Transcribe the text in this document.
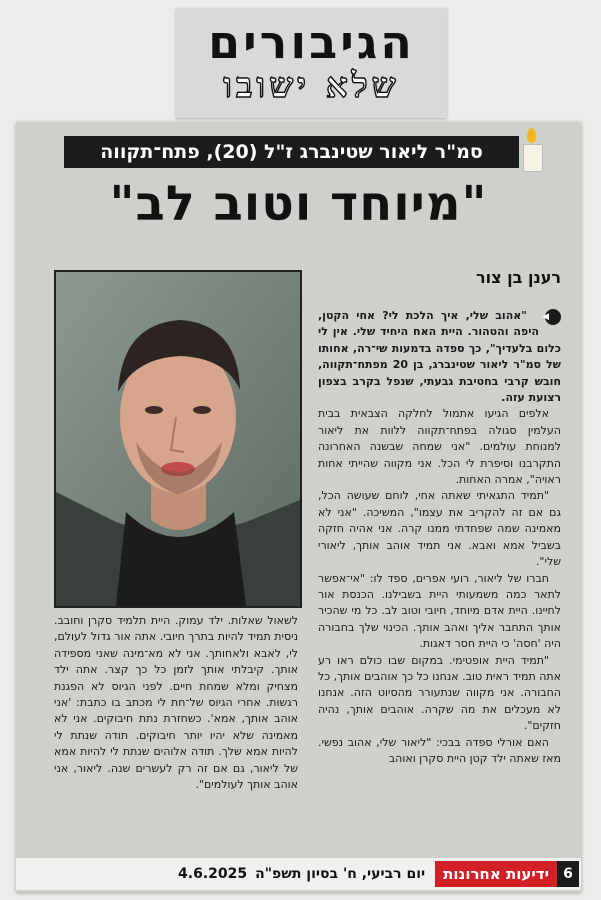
הגיבורים
שלא ישובו
סמ"ר ליאור שטינברג ז"ל (20), פתח־תקווה
"מיוחד וטוב לב"
רענן בן צור

◀
"אהוב שלי, איך הלכת לי? אחי הקטן, היפה והטהור. היית האח היחיד שלי. אין לי כלום בלעדיך", כך ספדה בדמעות שי־רה, אחותו של סמ"ר ליאור שטינברג, בן 20 מפתח־תקווה, חובש קרבי בחטיבת גבעתי, שנפל בקרב בצפון רצועת עזה.

אלפים הגיעו אתמול לחלקה הצבאית בבית העלמין סגולה בפתח־תקווה ללוות את ליאור למנוחת עולמים. "אני שמחה שבשנה האחרונה התקרבנו וסיפרת לי הכל. אני מקווה שהייתי אחות ראויה", אמרה האחות.

"תמיד התגאיתי שאתה אחי, לוחם שעושה הכל, גם אם זה להקריב את עצמו", המשיכה. "אני לא מאמינה שמה שפחדתי ממנו קרה. אני אהיה חזקה בשביל אמא ואבא. אני תמיד אוהב אותך, ליאורי שלי".

חברו של ליאור, רועי אפרים, ספד לו: "אי־אפשר לתאר כמה משמעותי היית בשבילנו. הכנסת אור לחיינו. היית אדם מיוחד, חיובי וטוב לב. כל מי שהכיר אותך התחבר אליך ואהב אותך. הכינוי שלך בחבורה היה 'חסה' כי היית חסר דאגות.

"תמיד היית אופטימי. במקום שבו כולם ראו רע אתה תמיד ראית טוב. אנחנו כל כך אוהבים אותך, כל החבורה. אני מקווה שנתעורר מהסיוט הזה. אנחנו לא מעכלים את מה שקרה. אוהבים אותך, נהיה חזקים".

האם אורלי ספדה בבכי: "ליאור שלי, אהוב נפשי. מאז שאתה ילד קטן היית סקרן ואוהב

לשאול שאלות. ילד עמוק. היית תלמיד סקרן וחובב. ניסית תמיד להיות בתרך חיובי. אתה אור גדול לעולם, לי, לאבא ולאחותך. אני לא מא־מינה שאני מספידה אותך. קיבלתי אותך לזמן כל כך קצר. אתה ילד מצחיק ומלא שמחת חיים. לפני הגיוס לא הפגנת רגשות. אחרי הגיוס של־חת לי מכתב בו כתבת: 'אני אוהב אותך, אמא'. כשחזרת נתת חיבוקים. אני לא מאמינה שלא יהיו יותר חיבוקים. תודה שנתת לי להיות אמא שלך. תודה אלוהים שנתת לי להיות אמא של ליאור, גם אם זה רק לעשרים שנה. ליאור, אני אוהב אותך לעולמים".

6
ידיעות אחרונות
יום רביעי, ח' בסיון תשפ"ה
4.6.2025
